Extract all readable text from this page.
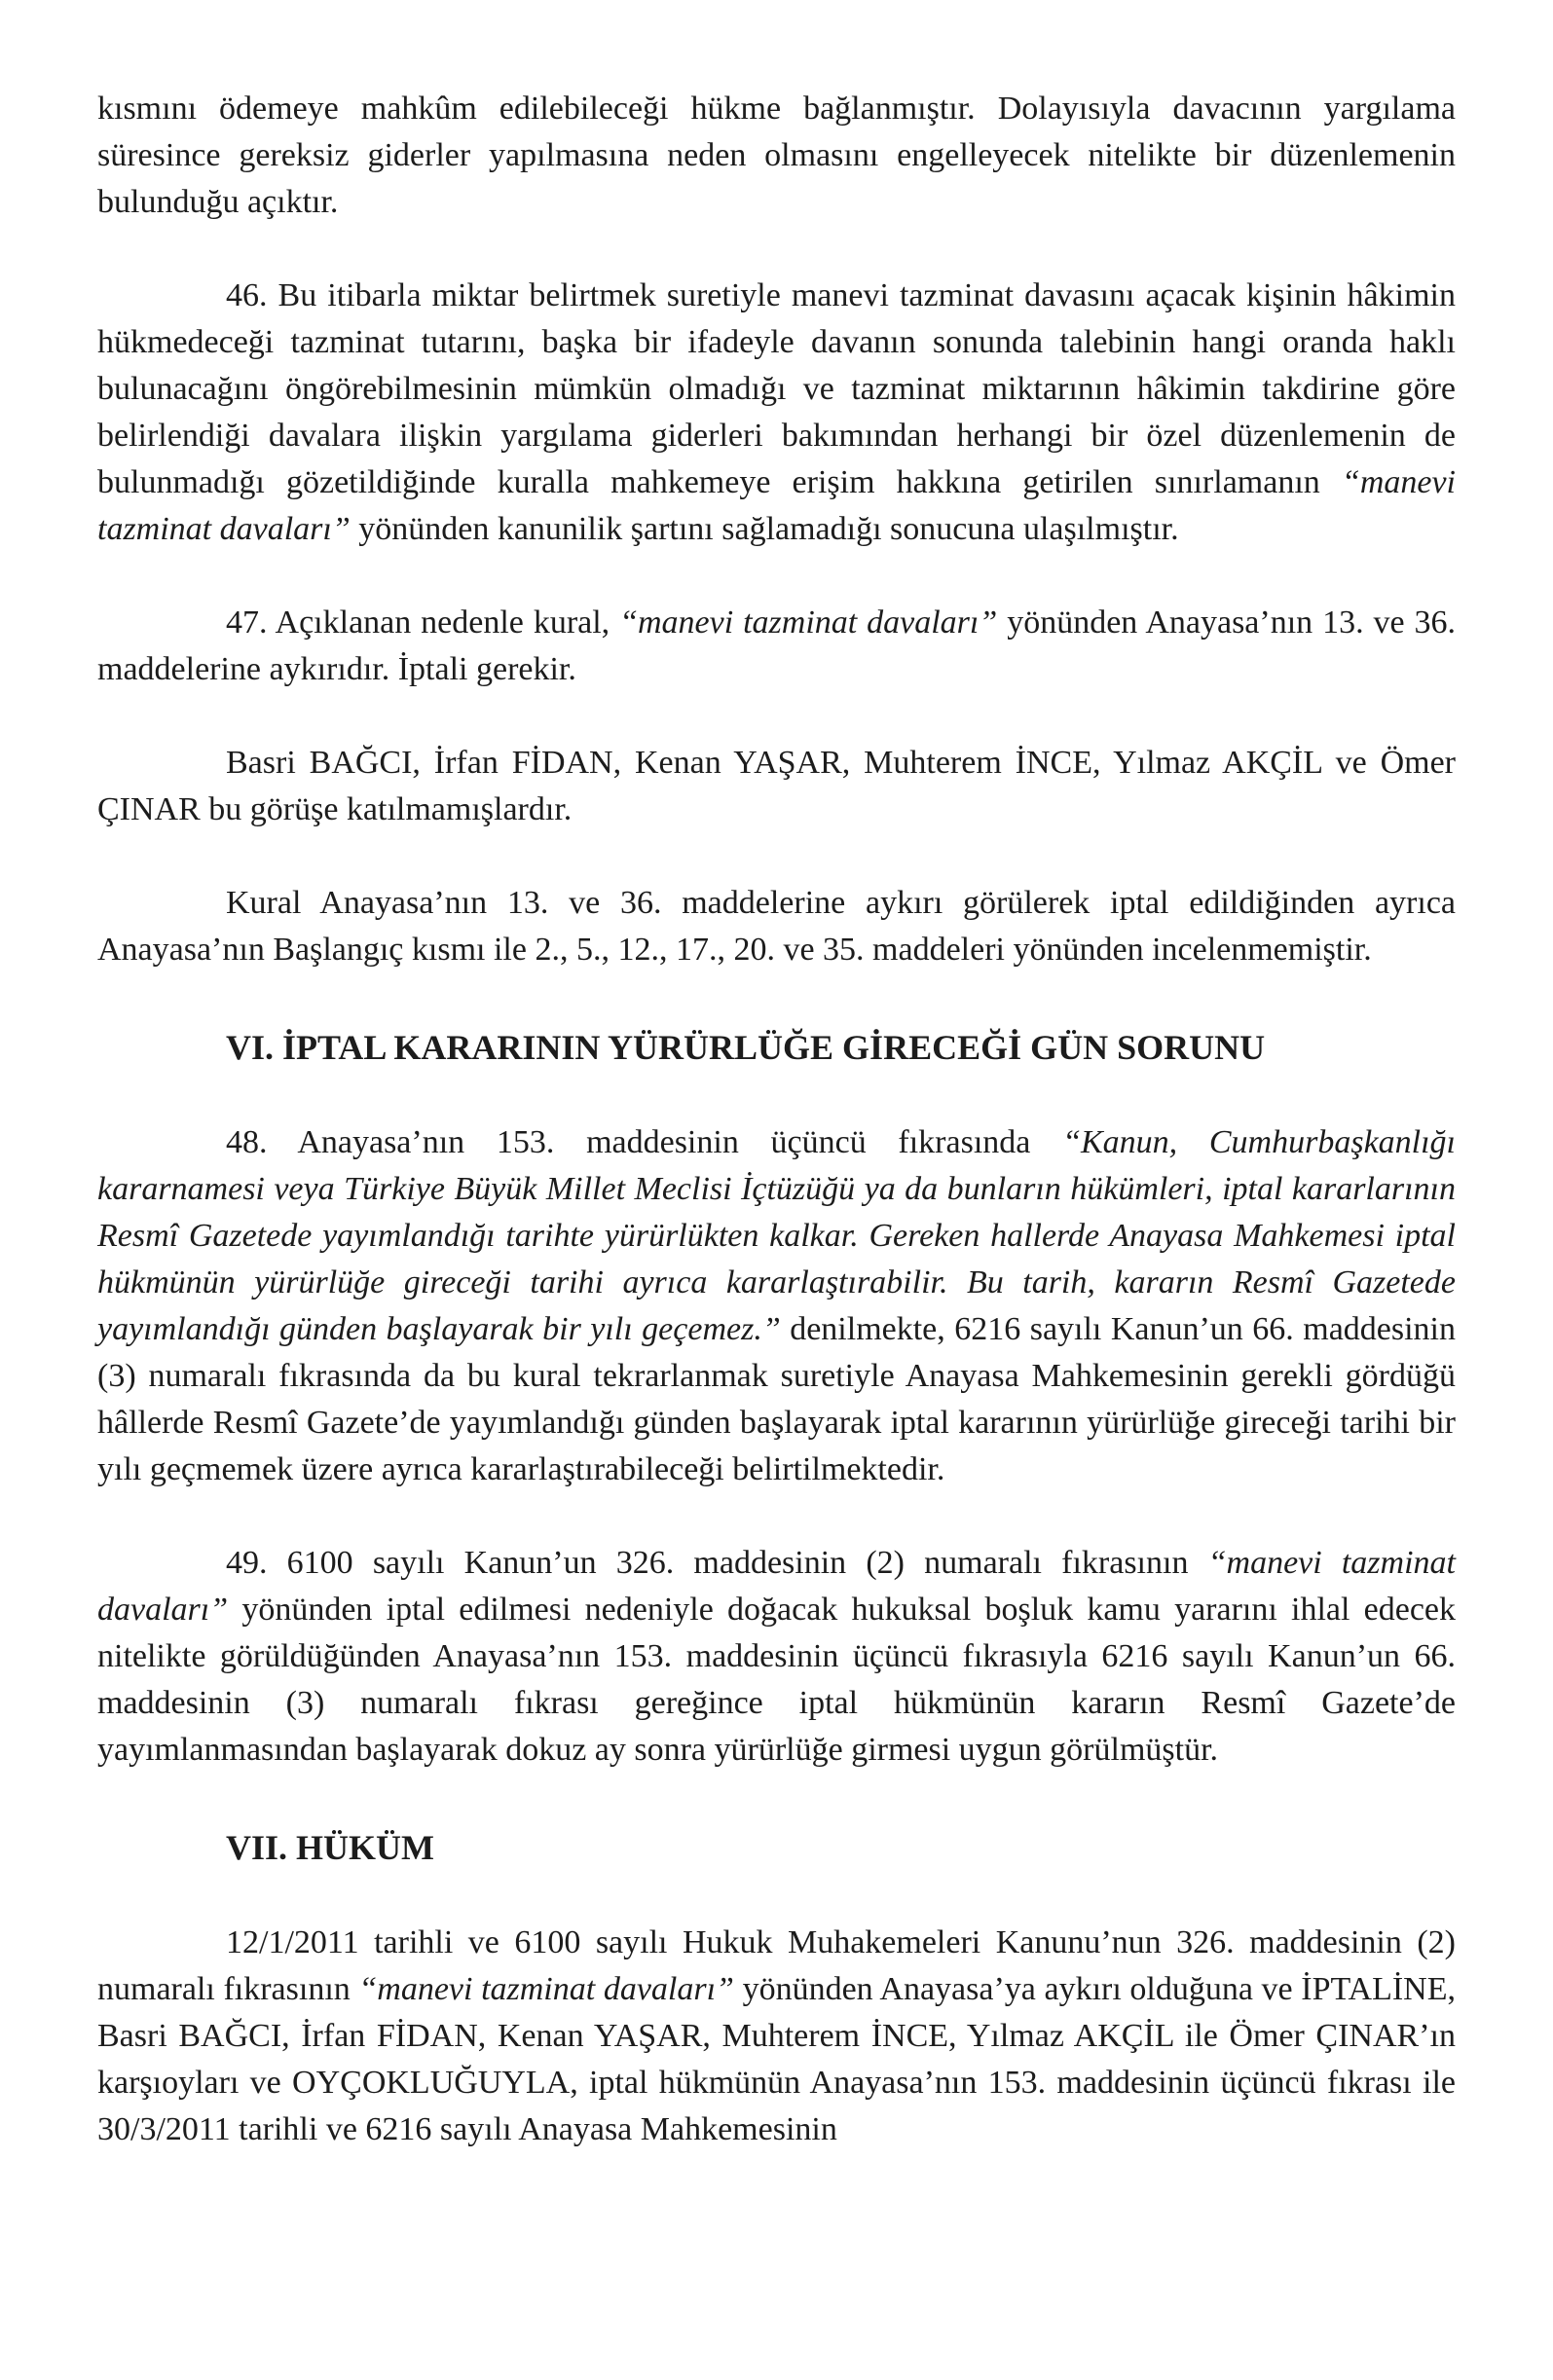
kısmını ödemeye mahkûm edilebileceği hükme bağlanmıştır. Dolayısıyla davacının yargılama süresince gereksiz giderler yapılmasına neden olmasını engelleyecek nitelikte bir düzenlemenin bulunduğu açıktır.

46. Bu itibarla miktar belirtmek suretiyle manevi tazminat davasını açacak kişinin hâkimin hükmedeceği tazminat tutarını, başka bir ifadeyle davanın sonunda talebinin hangi oranda haklı bulunacağını öngörebilmesinin mümkün olmadığı ve tazminat miktarının hâkimin takdirine göre belirlendiği davalara ilişkin yargılama giderleri bakımından herhangi bir özel düzenlemenin de bulunmadığı gözetildiğinde kuralla mahkemeye erişim hakkına getirilen sınırlamanın “manevi tazminat davaları” yönünden kanunilik şartını sağlamadığı sonucuna ulaşılmıştır.

47. Açıklanan nedenle kural, “manevi tazminat davaları” yönünden Anayasa’nın 13. ve 36. maddelerine aykırıdır. İptali gerekir.

Basri BAĞCI, İrfan FİDAN, Kenan YAŞAR, Muhterem İNCE, Yılmaz AKÇİL ve Ömer ÇINAR bu görüşe katılmamışlardır.

Kural Anayasa’nın 13. ve 36. maddelerine aykırı görülerek iptal edildiğinden ayrıca Anayasa’nın Başlangıç kısmı ile 2., 5., 12., 17., 20. ve 35. maddeleri yönünden incelenmemiştir.

VI. İPTAL KARARININ YÜRÜRLÜĞE GİRECEĞİ GÜN SORUNU

48. Anayasa’nın 153. maddesinin üçüncü fıkrasında “Kanun, Cumhurbaşkanlığı kararnamesi veya Türkiye Büyük Millet Meclisi İçtüzüğü ya da bunların hükümleri, iptal kararlarının Resmî Gazetede yayımlandığı tarihte yürürlükten kalkar. Gereken hallerde Anayasa Mahkemesi iptal hükmünün yürürlüğe gireceği tarihi ayrıca kararlaştırabilir. Bu tarih, kararın Resmî Gazetede yayımlandığı günden başlayarak bir yılı geçemez.” denilmekte, 6216 sayılı Kanun’un 66. maddesinin (3) numaralı fıkrasında da bu kural tekrarlanmak suretiyle Anayasa Mahkemesinin gerekli gördüğü hâllerde Resmî Gazete’de yayımlandığı günden başlayarak iptal kararının yürürlüğe gireceği tarihi bir yılı geçmemek üzere ayrıca kararlaştırabileceği belirtilmektedir.

49. 6100 sayılı Kanun’un 326. maddesinin (2) numaralı fıkrasının “manevi tazminat davaları” yönünden iptal edilmesi nedeniyle doğacak hukuksal boşluk kamu yararını ihlal edecek nitelikte görüldüğünden Anayasa’nın 153. maddesinin üçüncü fıkrasıyla 6216 sayılı Kanun’un 66. maddesinin (3) numaralı fıkrası gereğince iptal hükmünün kararın Resmî Gazete’de yayımlanmasından başlayarak dokuz ay sonra yürürlüğe girmesi uygun görülmüştür.

VII. HÜKÜM

12/1/2011 tarihli ve 6100 sayılı Hukuk Muhakemeleri Kanunu’nun 326. maddesinin (2) numaralı fıkrasının “manevi tazminat davaları” yönünden Anayasa’ya aykırı olduğuna ve İPTALİNE, Basri BAĞCI, İrfan FİDAN, Kenan YAŞAR, Muhterem İNCE, Yılmaz AKÇİL ile Ömer ÇINAR’ın karşıoyları ve OYÇOKLUĞUYLA, iptal hükmünün Anayasa’nın 153. maddesinin üçüncü fıkrası ile 30/3/2011 tarihli ve 6216 sayılı Anayasa Mahkemesinin
